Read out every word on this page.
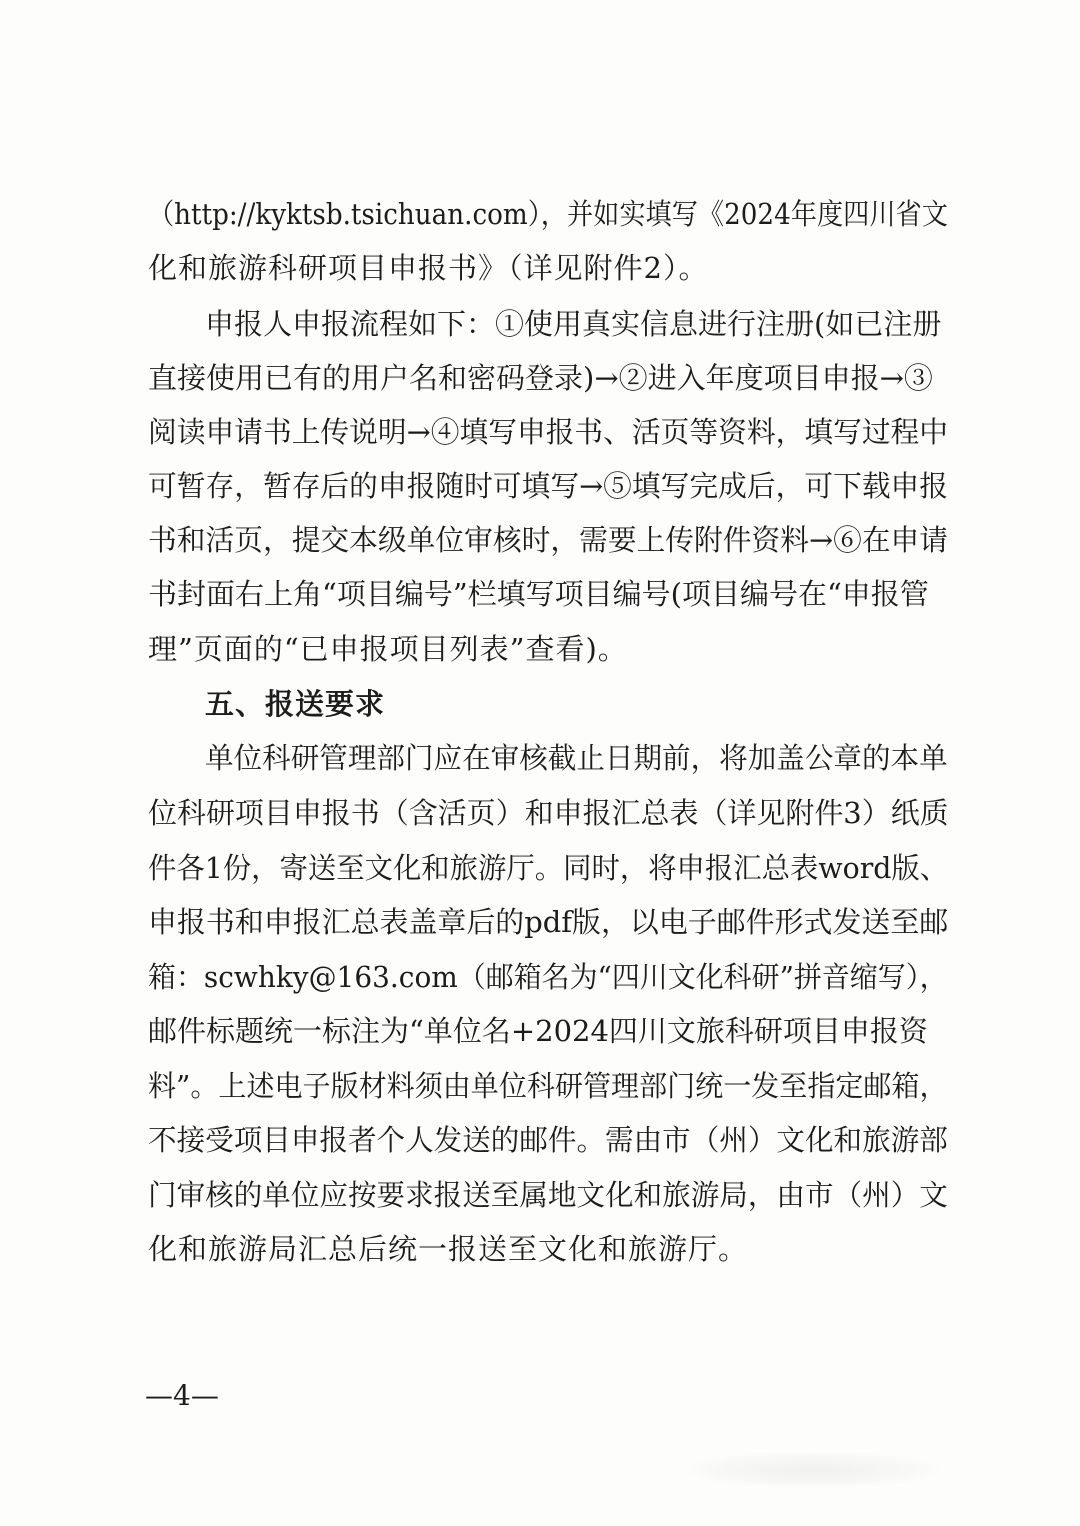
（http://kyktsb.tsichuan.com），并如实填写《2024年度四川省文
化和旅游科研项目申报书》（详见附件2）。
申报人申报流程如下：①使用真实信息进行注册(如已注册
直接使用已有的用户名和密码登录)→②进入年度项目申报→③
阅读申请书上传说明→④填写申报书、活页等资料，填写过程中
可暂存，暂存后的申报随时可填写→⑤填写完成后，可下载申报
书和活页，提交本级单位审核时，需要上传附件资料→⑥在申请
书封面右上角“项目编号”栏填写项目编号(项目编号在“申报管
理”页面的“已申报项目列表”查看)。
五、报送要求
单位科研管理部门应在审核截止日期前，将加盖公章的本单
位科研项目申报书（含活页）和申报汇总表（详见附件3）纸质
件各1份，寄送至文化和旅游厅。同时，将申报汇总表word版、
申报书和申报汇总表盖章后的pdf版，以电子邮件形式发送至邮
箱：scwhky@163.com（邮箱名为“四川文化科研”拼音缩写），
邮件标题统一标注为“单位名+2024四川文旅科研项目申报资
料”。上述电子版材料须由单位科研管理部门统一发至指定邮箱，
不接受项目申报者个人发送的邮件。需由市（州）文化和旅游部
门审核的单位应按要求报送至属地文化和旅游局，由市（州）文
化和旅游局汇总后统一报送至文化和旅游厅。
—4—
